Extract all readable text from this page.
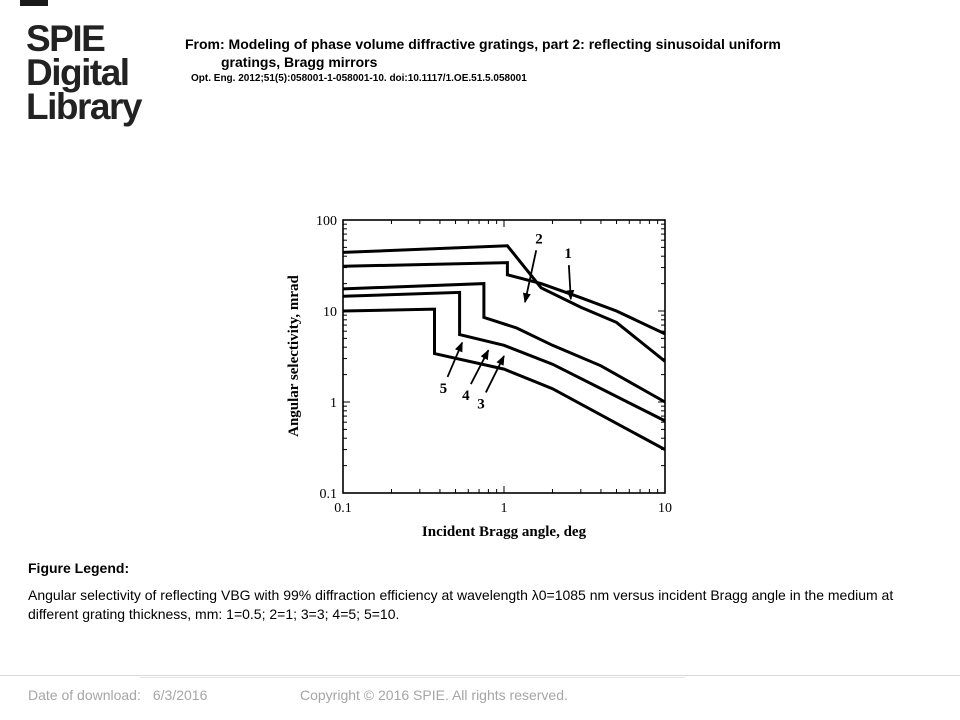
SPIE
Digital
Library
From: Modeling of phase volume diffractive gratings, part 2: reflecting sinusoidal uniform
gratings, Bragg mirrors
Opt. Eng. 2012;51(5):058001-1-058001-10. doi:10.1117/1.OE.51.5.058001
0.1	1	10
0.1
1
10
100
1
2
3
4
5
Incident Bragg angle, deg
Angular selectivity, mrad
Figure Legend:
Angular selectivity of reflecting VBG with 99% diffraction efficiency at wavelength λ0=1085 nm versus incident Bragg angle in the medium at different grating thickness, mm: 1=0.5; 2=1; 3=3; 4=5; 5=10.
Date of download: 6/3/2016	Copyright © 2016 SPIE. All rights reserved.
